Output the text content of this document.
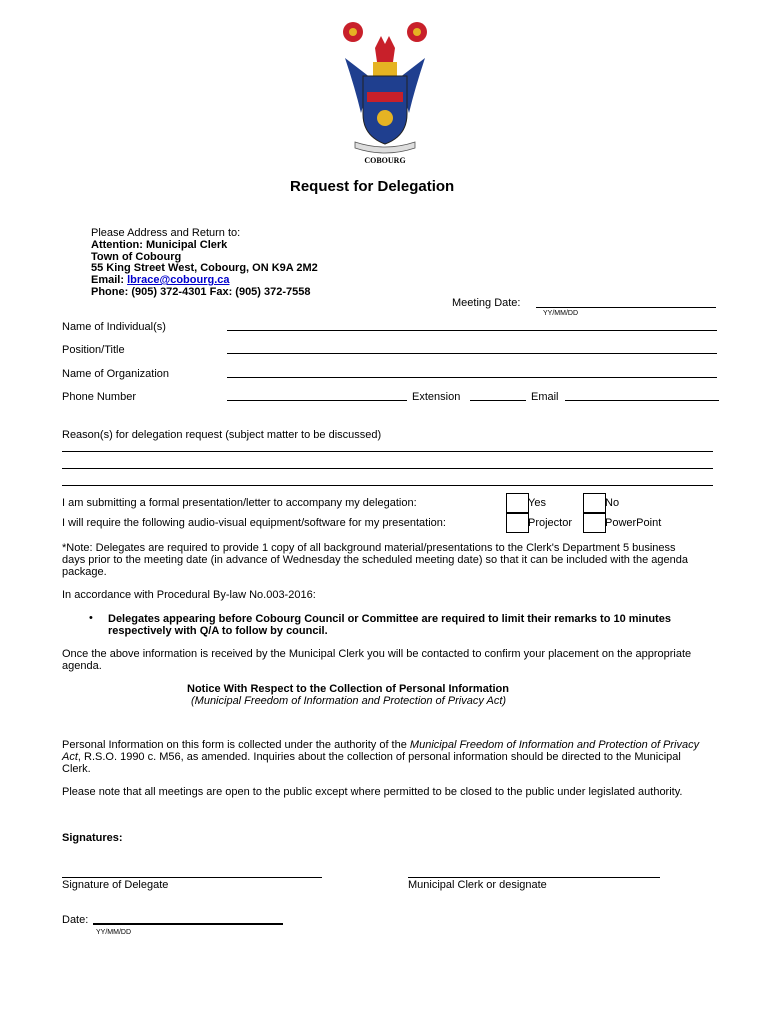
COBOURG
Request for Delegation
Please Address and Return to:
Attention: Municipal Clerk
Town of Cobourg
55 King Street West, Cobourg, ON K9A 2M2
Email: lbrace@cobourg.ca
Phone: (905) 372-4301 Fax: (905) 372-7558
Meeting Date:
YY/MM/DD
Name of Individual(s)
Position/Title
Name of Organization
Phone Number	Extension	Email
Reason(s) for delegation request (subject matter to be discussed)
I am submitting a formal presentation/letter to accompany my delegation:	Yes	No
I will require the following audio-visual equipment/software for my presentation:	Projector	PowerPoint
*Note: Delegates are required to provide 1 copy of all background material/presentations to the Clerk's Department 5 business days prior to the meeting date (in advance of Wednesday the scheduled meeting date) so that it can be included with the agenda package.
In accordance with Procedural By-law No.003-2016:
• Delegates appearing before Cobourg Council or Committee are required to limit their remarks to 10 minutes respectively with Q/A to follow by council.
Once the above information is received by the Municipal Clerk you will be contacted to confirm your placement on the appropriate agenda.
Notice With Respect to the Collection of Personal Information
(Municipal Freedom of Information and Protection of Privacy Act)
Personal Information on this form is collected under the authority of the Municipal Freedom of Information and Protection of Privacy Act, R.S.O. 1990 c. M56, as amended. Inquiries about the collection of personal information should be directed to the Municipal Clerk.
Please note that all meetings are open to the public except where permitted to be closed to the public under legislated authority.
Signatures:
Signature of Delegate	Municipal Clerk or designate
Date:
YY/MM/DD
